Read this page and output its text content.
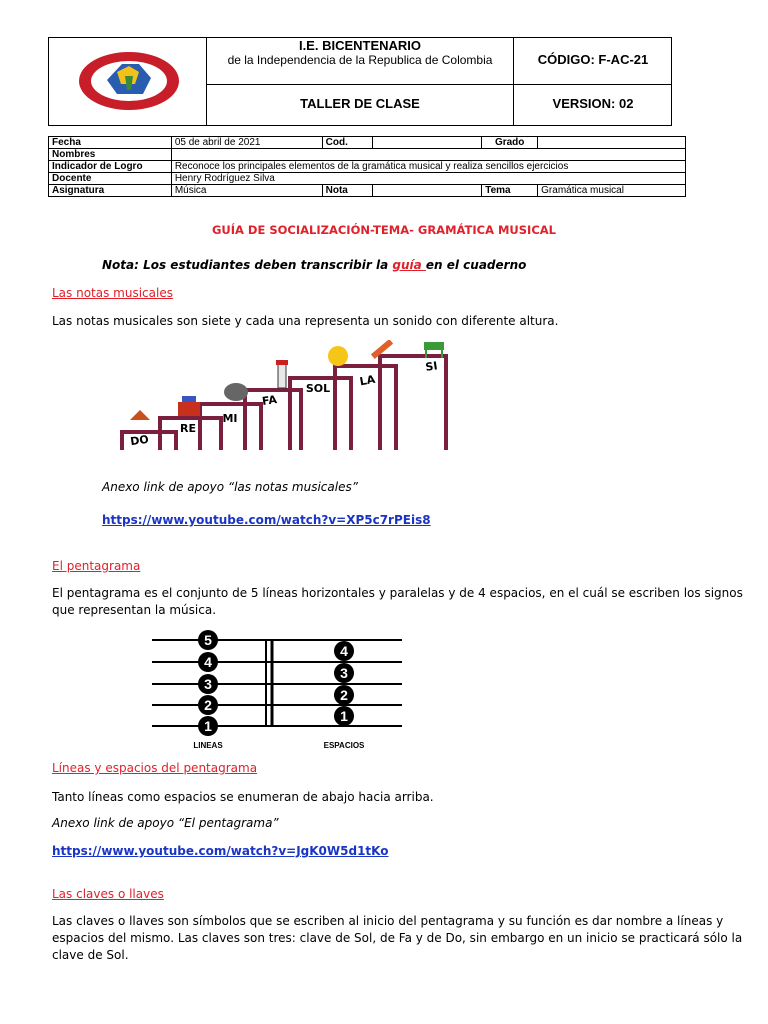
I.E. BICENTENARIO
de la Independencia de la Republica de Colombia	CÓDIGO: F-AC-21
TALLER DE CLASE	VERSION: 02
Fecha	05 de abril de 2021	Cod.		Grado	
Nombres					
Indicador de Logro	Reconoce los principales elementos de la gramática musical y realiza sencillos ejercicios				
Docente	Henry Rodríguez Silva				
Asignatura	Música	Nota		Tema	Gramática musical
GUÍA DE SOCIALIZACIÓN-TEMA- GRAMÁTICA MUSICAL
Nota: Los estudiantes deben transcribir la guía en el cuaderno
Las notas musicales
Las notas musicales son siete y cada una representa un sonido con diferente altura.
DO
RE
MI
FA
SOL
LA
SI
Anexo link de apoyo “las notas musicales”
https://www.youtube.com/watch?v=XP5c7rPEis8
El pentagrama
El pentagrama es el conjunto de 5 líneas horizontales y paralelas y de 4 espacios, en el cuál se escriben los signos
que representan la música.
5
4
3
2
1
4
3
2
1
LINEAS	ESPACIOS
Líneas y espacios del pentagrama
Tanto líneas como espacios se enumeran de abajo hacia arriba.
Anexo link de apoyo “El pentagrama”
https://www.youtube.com/watch?v=JgK0W5d1tKo
Las claves o llaves
Las claves o llaves son símbolos que se escriben al inicio del pentagrama y su función es dar nombre a líneas y
espacios del mismo. Las claves son tres: clave de Sol, de Fa y de Do, sin embargo en un inicio se practicará sólo la
clave de Sol.
